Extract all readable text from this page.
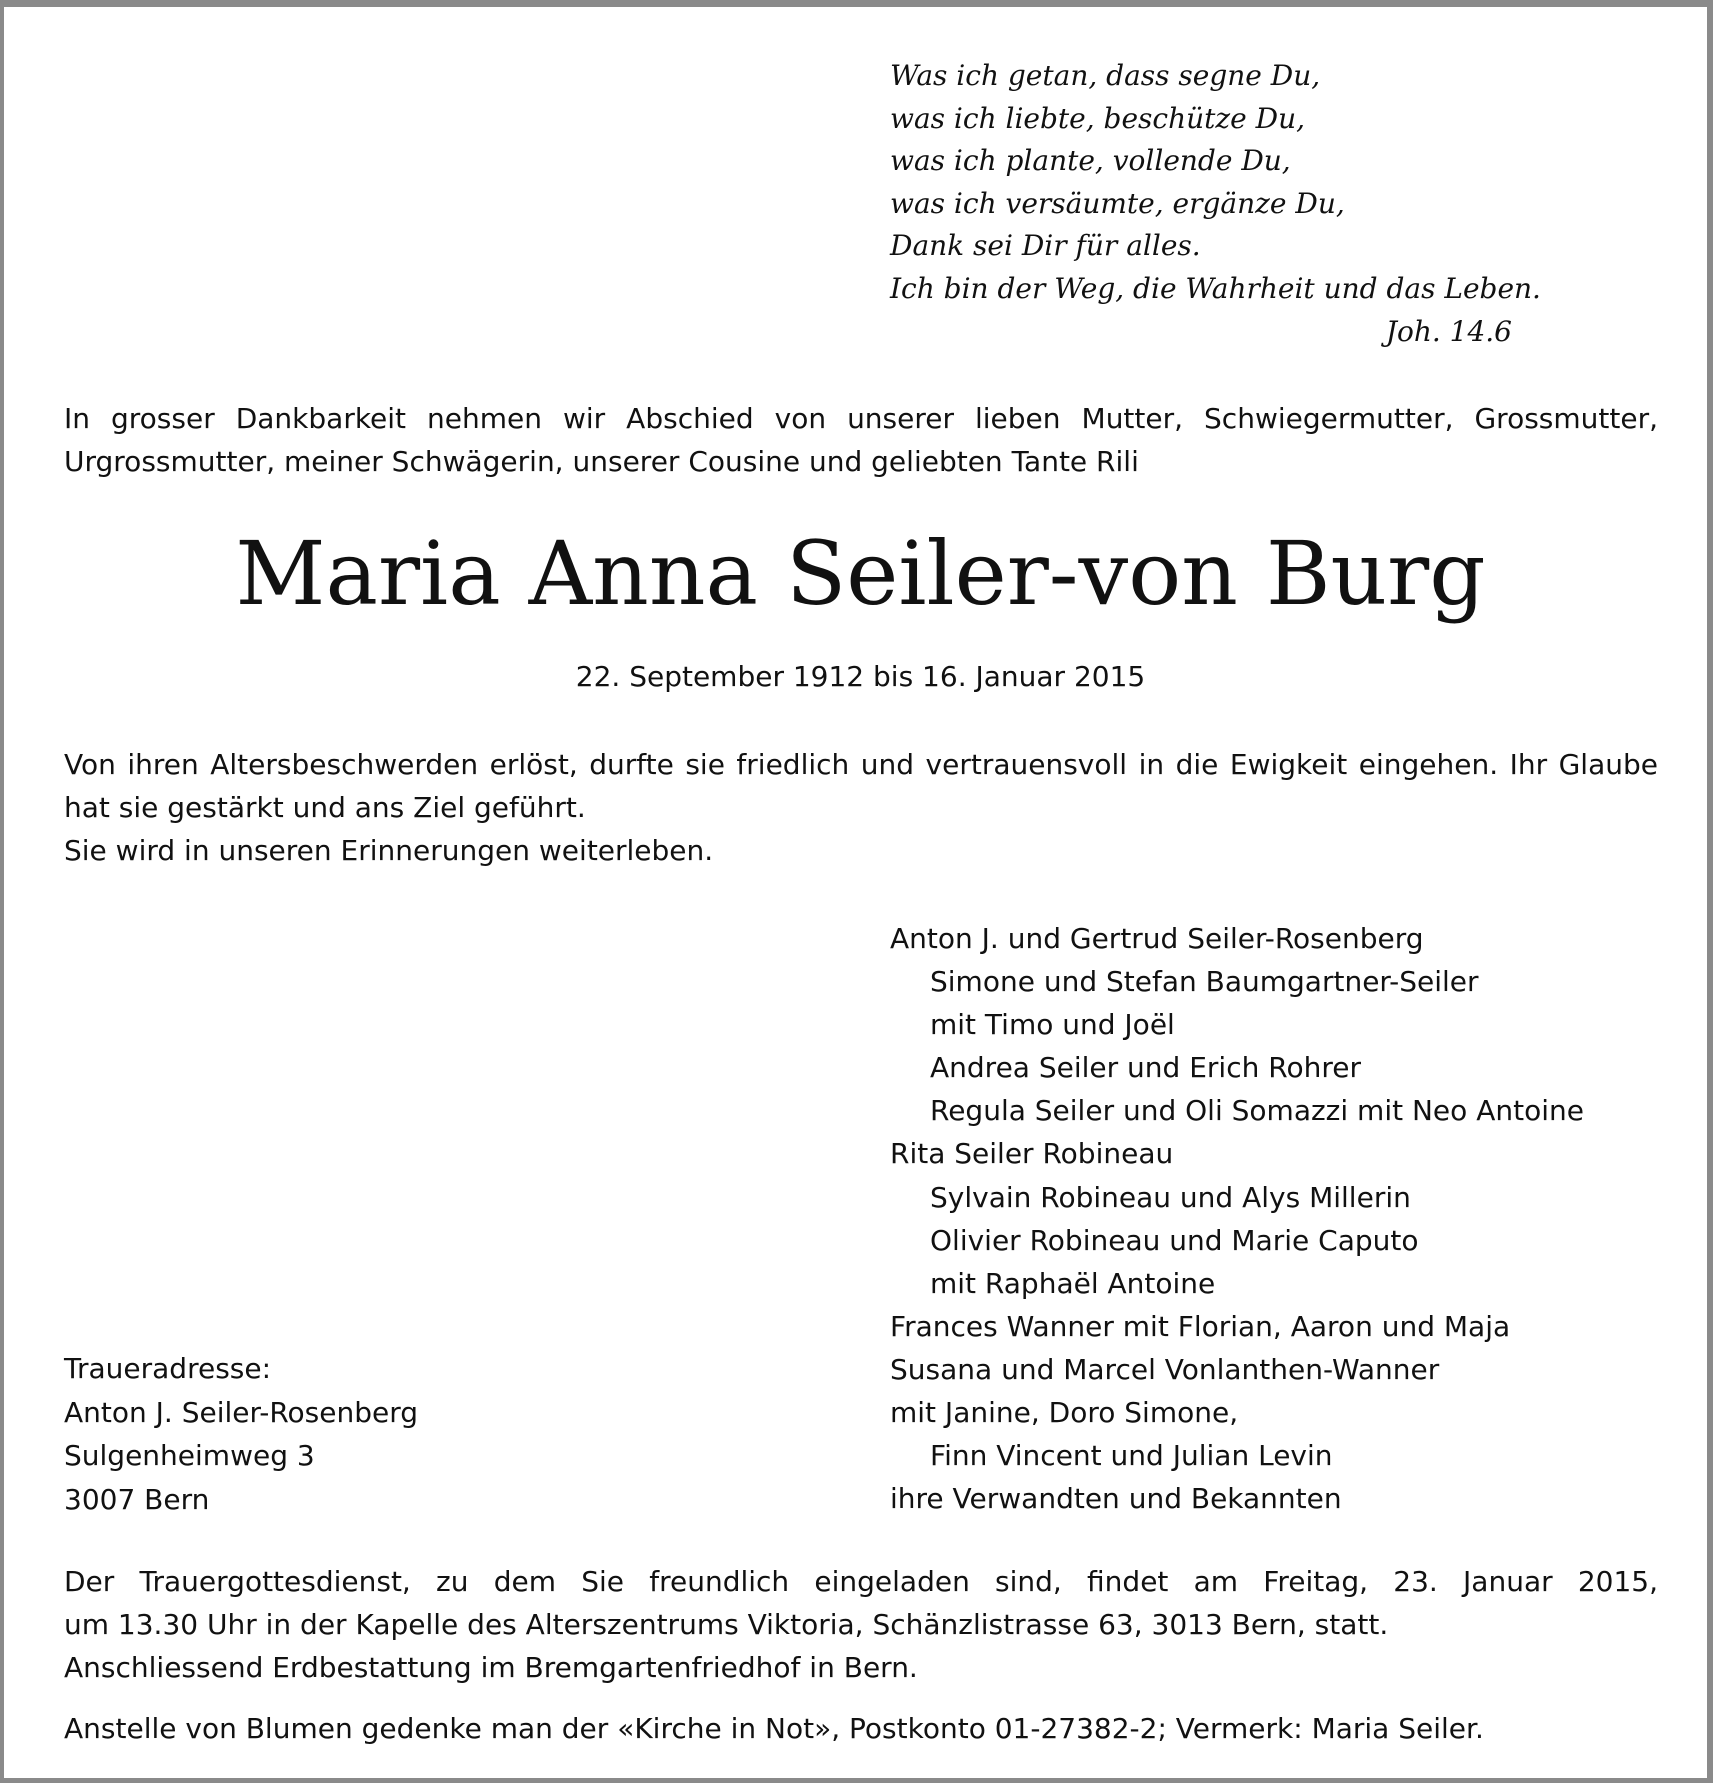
Was ich getan, dass segne Du,
was ich liebte, beschütze Du,
was ich plante, vollende Du,
was ich versäumte, ergänze Du,
Dank sei Dir für alles.
Ich bin der Weg, die Wahrheit und das Leben.
Joh. 14.6
In grosser Dankbarkeit nehmen wir Abschied von unserer lieben Mutter, Schwiegermutter, Grossmutter,
Urgrossmutter, meiner Schwägerin, unserer Cousine und geliebten Tante Rili
Maria Anna Seiler-von Burg
22. September 1912 bis 16. Januar 2015
Von ihren Altersbeschwerden erlöst, durfte sie friedlich und vertrauensvoll in die Ewigkeit eingehen. Ihr Glaube
hat sie gestärkt und ans Ziel geführt.
Sie wird in unseren Erinnerungen weiterleben.
Anton J. und Gertrud Seiler-Rosenberg
Simone und Stefan Baumgartner-Seiler
mit Timo und Joël
Andrea Seiler und Erich Rohrer
Regula Seiler und Oli Somazzi mit Neo Antoine
Rita Seiler Robineau
Sylvain Robineau und Alys Millerin
Olivier Robineau und Marie Caputo
mit Raphaël Antoine
Frances Wanner mit Florian, Aaron und Maja
Susana und Marcel Vonlanthen-Wanner
mit Janine, Doro Simone,
Finn Vincent und Julian Levin
ihre Verwandten und Bekannten
Traueradresse:
Anton J. Seiler-Rosenberg
Sulgenheimweg 3
3007 Bern
Der Trauergottesdienst, zu dem Sie freundlich eingeladen sind, findet am Freitag, 23. Januar 2015,
um 13.30 Uhr in der Kapelle des Alterszentrums Viktoria, Schänzlistrasse 63, 3013 Bern, statt.
Anschliessend Erdbestattung im Bremgartenfriedhof in Bern.
Anstelle von Blumen gedenke man der «Kirche in Not», Postkonto 01-27382-2; Vermerk: Maria Seiler.
